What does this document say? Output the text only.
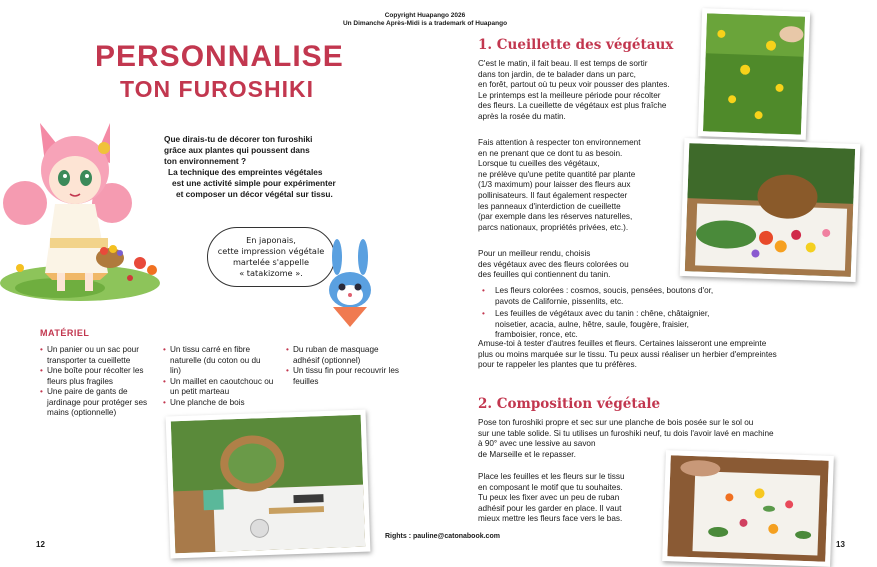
Copyright Huapango 2026
Un Dimanche Après-Midi is a trademark of Huapango
PERSONNALISE
TON FUROSHIKI
Que dirais-tu de décorer ton furoshiki
grâce aux plantes qui poussent dans
ton environnement ?
La technique des empreintes végétales
est une activité simple pour expérimenter
et composer un décor végétal sur tissu.
En japonais,
cette impression végétale
martelée s'appelle
« tatakizome ».
MATÉRIEL
• Un panier ou un sac pour transporter ta cueillette
• Une boîte pour récolter les fleurs plus fragiles
• Une paire de gants de jardinage pour protéger ses mains (optionnelle)
• Un tissu carré en fibre naturelle (du coton ou du lin)
• Un maillet en caoutchouc ou un petit marteau
• Une planche de bois
• Du ruban de masquage adhésif (optionnel)
• Un tissu fin pour recouvrir les feuilles
12
1. Cueillette des végétaux
C'est le matin, il fait beau. Il est temps de sortir
dans ton jardin, de te balader dans un parc,
en forêt, partout où tu peux voir pousser des plantes.
Le printemps est la meilleure période pour récolter
des fleurs. La cueillette de végétaux est plus fraîche
après la rosée du matin.
Fais attention à respecter ton environnement
en ne prenant que ce dont tu as besoin.
Lorsque tu cueilles des végétaux,
ne prélève qu'une petite quantité par plante
(1/3 maximum) pour laisser des fleurs aux
pollinisateurs. Il faut également respecter
les panneaux d'interdiction de cueillette
(par exemple dans les réserves naturelles,
parcs nationaux, propriétés privées, etc.).
Pour un meilleur rendu, choisis
des végétaux avec des fleurs colorées ou
des feuilles qui contiennent du tanin.
• Les fleurs colorées : cosmos, soucis, pensées, boutons d'or, pavots de Californie, pissenlits, etc.
• Les feuilles de végétaux avec du tanin : chêne, châtaignier, noisetier, acacia, aulne, hêtre, saule, fougère, fraisier, framboisier, ronce, etc.
Amuse-toi à tester d'autres feuilles et fleurs. Certaines laisseront une empreinte
plus ou moins marquée sur le tissu. Tu peux aussi réaliser un herbier d'empreintes
pour te rappeler les plantes que tu préfères.
2. Composition végétale
Pose ton furoshiki propre et sec sur une planche de bois posée sur le sol ou
sur une table solide. Si tu utilises un furoshiki neuf, tu dois l'avoir lavé en machine
à 90° avec une lessive au savon
de Marseille et le repasser.
Place les feuilles et les fleurs sur le tissu
en composant le motif que tu souhaites.
Tu peux les fixer avec un peu de ruban
adhésif pour les garder en place. Il vaut
mieux mettre les fleurs face vers le bas.
13
Rights : pauline@catonabook.com
